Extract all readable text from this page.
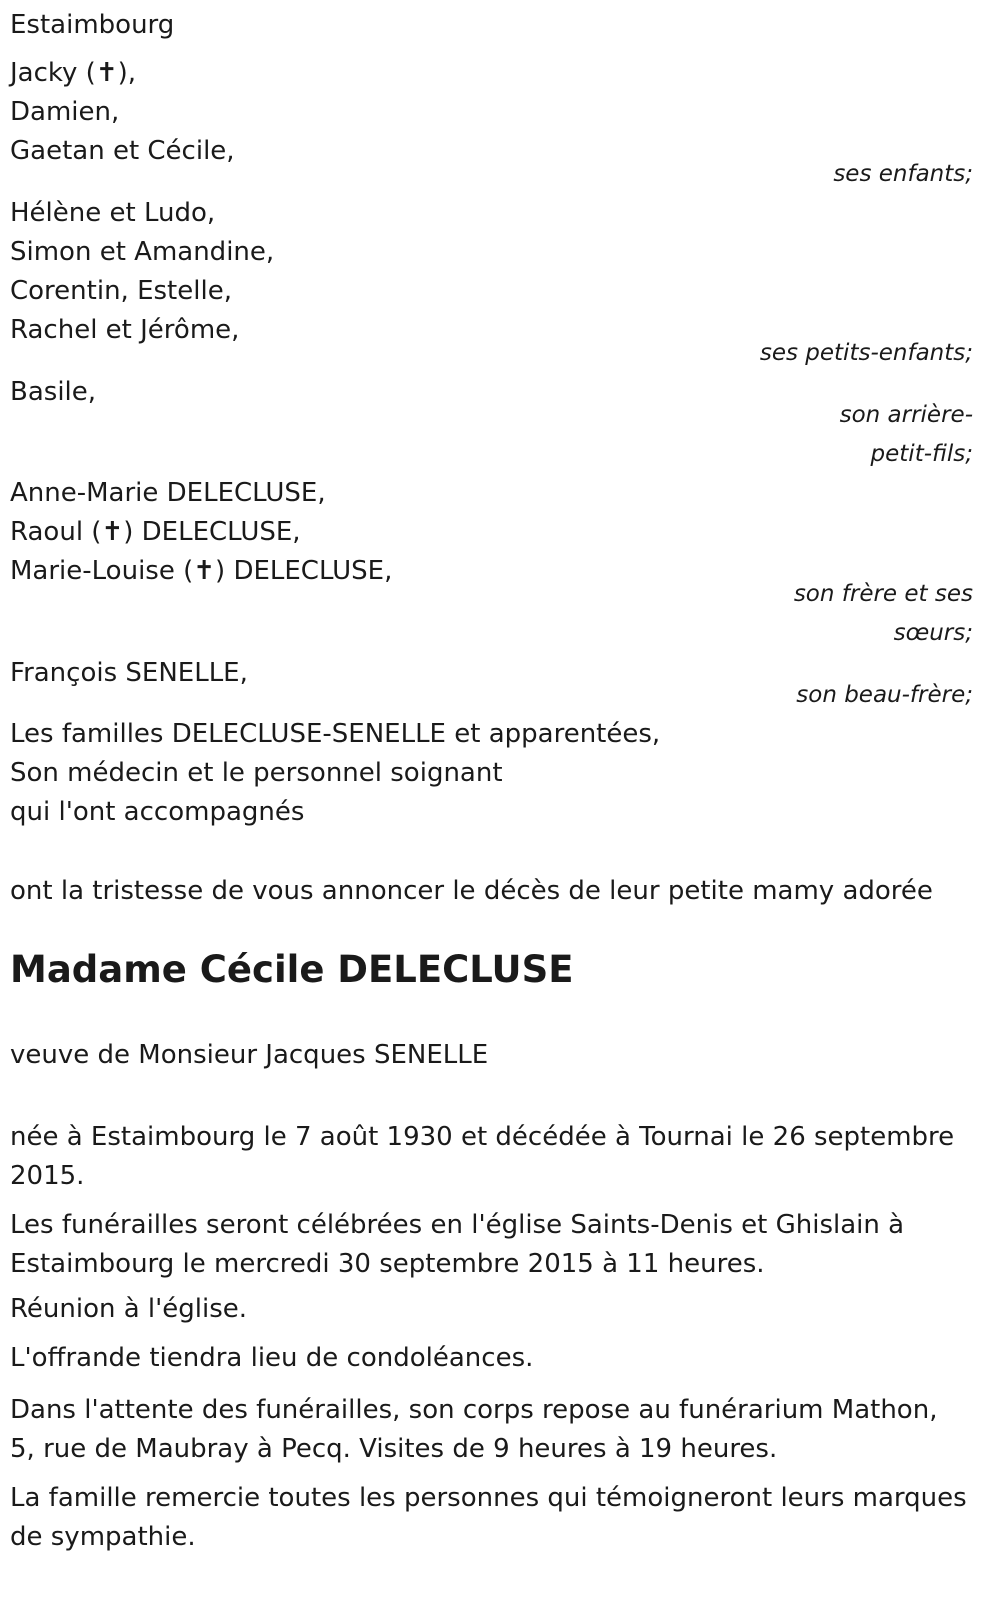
Estaimbourg
Jacky (✝),
Damien,
Gaetan et Cécile,
ses enfants;
Hélène et Ludo,
Simon et Amandine,
Corentin, Estelle,
Rachel et Jérôme,
ses petits-enfants;
Basile,
son arrière-
petit-fils;
Anne-Marie DELECLUSE,
Raoul (✝) DELECLUSE,
Marie-Louise (✝) DELECLUSE,
son frère et ses
sœurs;
François SENELLE,
son beau-frère;
Les familles DELECLUSE-SENELLE et apparentées,
Son médecin et le personnel soignant
qui l'ont accompagnés
ont la tristesse de vous annoncer le décès de leur petite mamy adorée
Madame Cécile DELECLUSE
veuve de Monsieur Jacques SENELLE
née à Estaimbourg le 7 août 1930 et décédée à Tournai le 26 septembre 2015.
Les funérailles seront célébrées en l'église Saints-Denis et Ghislain à Estaimbourg le mercredi 30 septembre 2015 à 11 heures.
Réunion à l'église.
L'offrande tiendra lieu de condoléances.
Dans l'attente des funérailles, son corps repose au funérarium Mathon, 5, rue de Maubray à Pecq. Visites de 9 heures à 19 heures.
La famille remercie toutes les personnes qui témoigneront leurs marques de sympathie.
